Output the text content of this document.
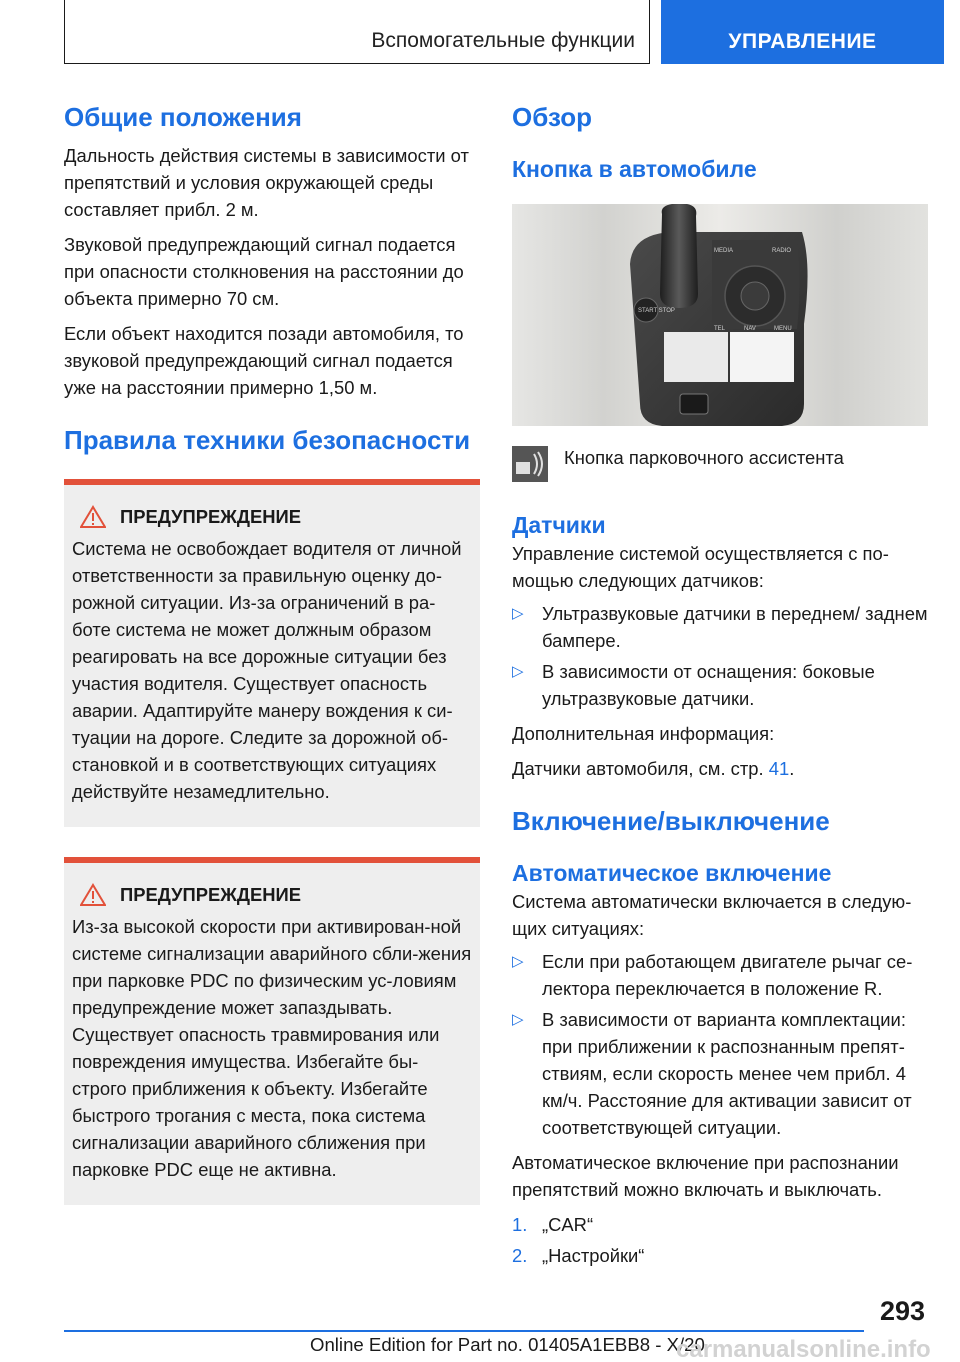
Вспомогательные функции	УПРАВЛЕНИЕ
Общие положения

Дальность действия системы в зависимости от препятствий и условия окружающей среды составляет прибл. 2 м.

Звуковой предупреждающий сигнал подается при опасности столкновения на расстоянии до объекта примерно 70 см.

Если объект находится позади автомобиля, то звуковой предупреждающий сигнал подается уже на расстоянии примерно 1,50 м.

Правила техники безопасности
ПРЕДУПРЕЖДЕНИЕ

Система не освобождает водителя от личной ответственности за правильную оценку до-рожной ситуации. Из-за ограничений в ра-боте система не может должным образом реагировать на все дорожные ситуации без участия водителя. Существует опасность аварии. Адаптируйте манеру вождения к си-туации на дороге. Следите за дорожной об-становкой и в соответствующих ситуациях действуйте незамедлительно.

ПРЕДУПРЕЖДЕНИЕ

Из-за высокой скорости при активирован-ной системе сигнализации аварийного сбли-жения при парковке PDC по физическим ус-ловиям предупреждение может запаздывать. Существует опасность травмирования или повреждения имущества. Избегайте бы-строго приближения к объекту. Избегайте быстрого трогания с места, пока система сигнализации аварийного сближения при парковке PDC еще не активна.

Обзор
Кнопка в автомобиле
MEDIA	RADIO
START STOP
TEL	NAV	MENU

Кнопка парковочного ассистента

Датчики

Управление системой осуществляется с по-мощью следующих датчиков:

▷ Ультразвуковые датчики в переднем/ заднем бампере.
▷ В зависимости от оснащения: боковые ультразвуковые датчики.

Дополнительная информация:

Датчики автомобиля, см. стр. 41.

Включение/выключение
Автоматическое включение

Система автоматически включается в следую-щих ситуациях:

▷ Если при работающем двигателе рычаг се-лектора переключается в положение R.
▷ В зависимости от варианта комплектации: при приближении к распознанным препят-ствиям, если скорость менее чем прибл. 4 км/ч. Расстояние для активации зависит от соответствующей ситуации.

Автоматическое включение при распознании препятствий можно включать и выключать.

1. „CAR“
2. „Настройки“
293
Online Edition for Part no. 01405A1EBB8 - X/20
carmanualsonline.info
